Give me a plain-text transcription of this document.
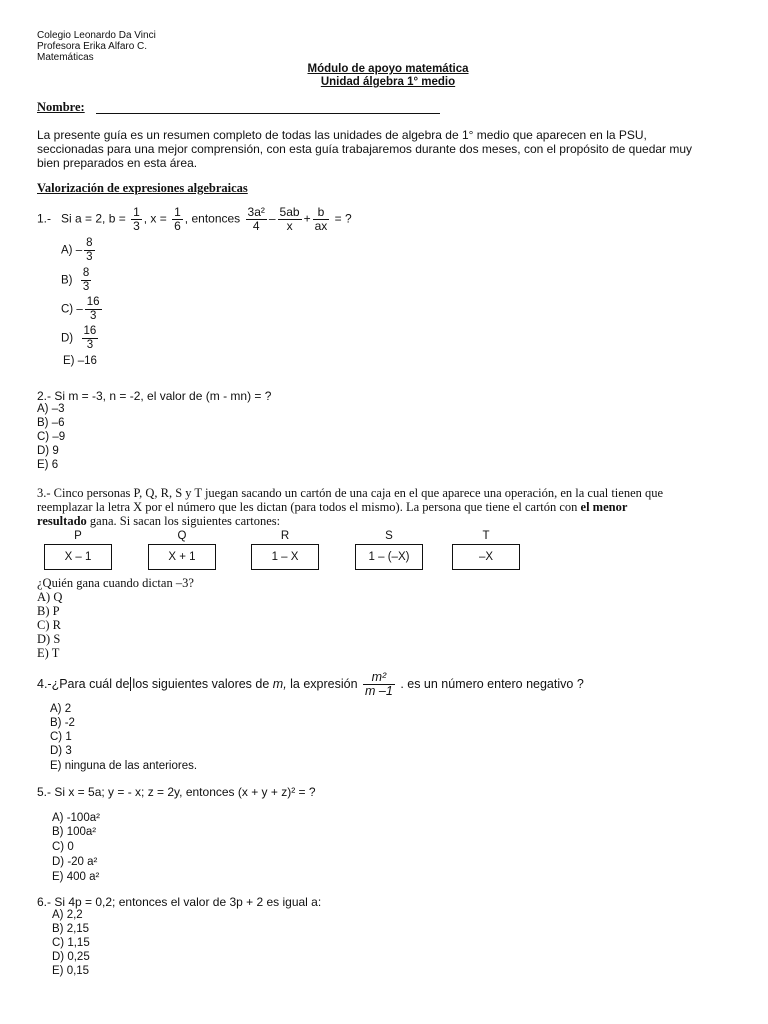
Colegio Leonardo Da Vinci
Profesora Erika Alfaro C.
Matemáticas
Módulo de apoyo matemática
Unidad álgebra 1° medio
Nombre:
La presente guía es un resumen completo de todas las unidades de algebra de 1° medio que aparecen en la PSU,
seccionadas para una mejor comprensión, con esta guía trabajaremos durante dos meses, con el propósito de quedar muy
bien preparados en esta área.
Valorización de expresiones algebraicas
1.- Si a = 2, $b = \frac{1}{3}$ , $x = \frac{1}{6}$ , entonces $\frac{\text{3a²}}{4} - \frac{5ab}{x} + \frac{b}{ax}$ = ?
$A) - \frac{8}{3}$
$B) \frac{8}{3}$
$C) - \frac{16}{3}$
$D) \frac{16}{3}$
E) –16
2.- Si m = -3, n = -2, el valor de (m - mn) = ?
A) –3
B) –6
C) –9
D) 9
E) 6
3.- Cinco personas P, Q, R, S y T juegan sacando un cartón de una caja en el que aparece una operación, en la cual tienen que
reemplazar la letra X por el número que les dictan (para todos el mismo). La persona que tiene el cartón con el menor
resultado gana. Si sacan los siguientes cartones:
P	Q	R	S	T
X – 1	X + 1	1 – X	1 – (–X)	–X
¿Quién gana cuando dictan –3?
A) Q
B) P
C) R
D) S
E) T
4.-¿Para cuál de los siguientes valores de m, la expresión $\frac{\text{m²}}{m -1}$ . es un número entero negativo ?
A) 2
B) -2
C) 1
D) 3
E) ninguna de las anteriores.
5.- Si x = 5a; y = - x; z = 2y, entonces (x + y + z)² = ?
A) -100a²
B) 100a²
C) 0
D) -20 a²
E) 400 a²
6.- Si 4p = 0,2; entonces el valor de 3p + 2 es igual a:
A) 2,2
B) 2,15
C) 1,15
D) 0,25
E) 0,15
